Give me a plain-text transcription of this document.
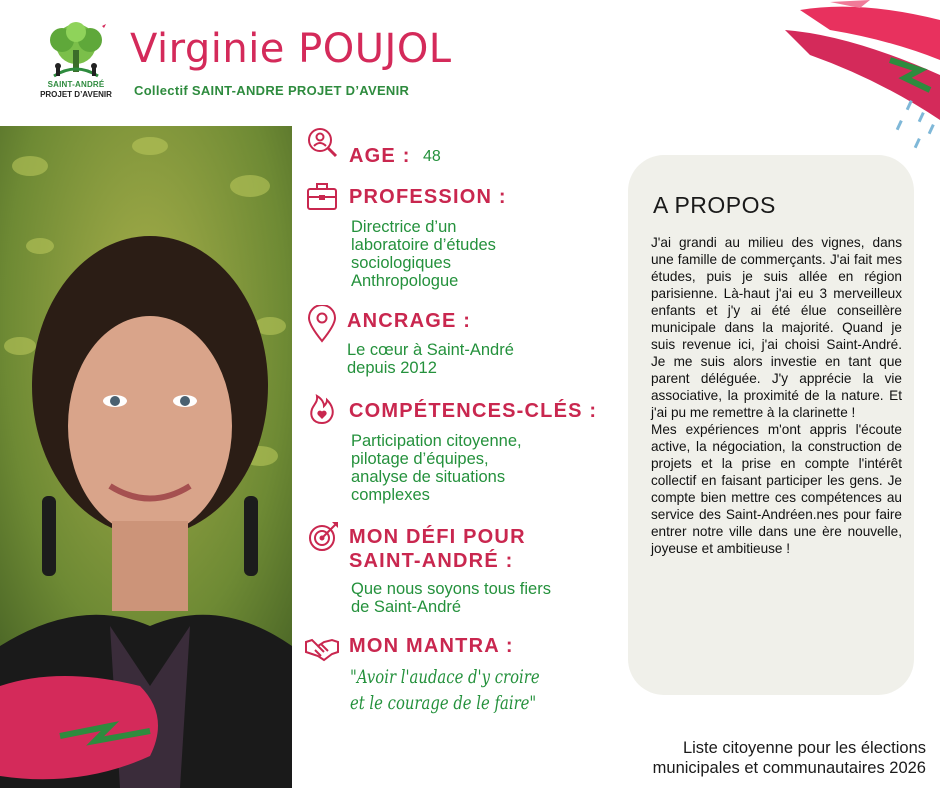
SAINT-ANDRÉ
PROJET D’AVENIR
Virginie POUJOL
Collectif SAINT-ANDRE PROJET D’AVENIR
AGE : 48
PROFESSION :
Directrice d’un
laboratoire d’études
sociologiques
Anthropologue
ANCRAGE :
Le cœur à Saint-André
depuis 2012
COMPÉTENCES-CLÉS :
Participation citoyenne,
pilotage d’équipes,
analyse de situations
complexes
MON DÉFI POUR
SAINT-ANDRÉ :
Que nous soyons tous fiers
de Saint-André
MON MANTRA :
"Avoir l'audace d'y croire
et le courage de le faire"
A PROPOS
J'ai grandi au milieu des vignes, dans une famille de commerçants. J'ai fait mes études, puis je suis allée en région parisienne. Là-haut j'ai eu 3 merveilleux enfants et j'y ai été élue conseillère municipale dans la majorité. Quand je suis revenue ici, j'ai choisi Saint-André. Je me suis alors investie en tant que parent déléguée. J'y apprécie la vie associative, la proximité de la nature. Et j'ai pu me remettre à la clarinette !
Mes expériences m'ont appris l'écoute active, la négociation, la construction de projets et la prise en compte l'intérêt collectif en faisant participer les gens. Je compte bien mettre ces compétences au service des Saint-Andréen.nes pour faire entrer notre ville dans une ère nouvelle, joyeuse et ambitieuse !
Liste citoyenne pour les élections
municipales et communautaires 2026
